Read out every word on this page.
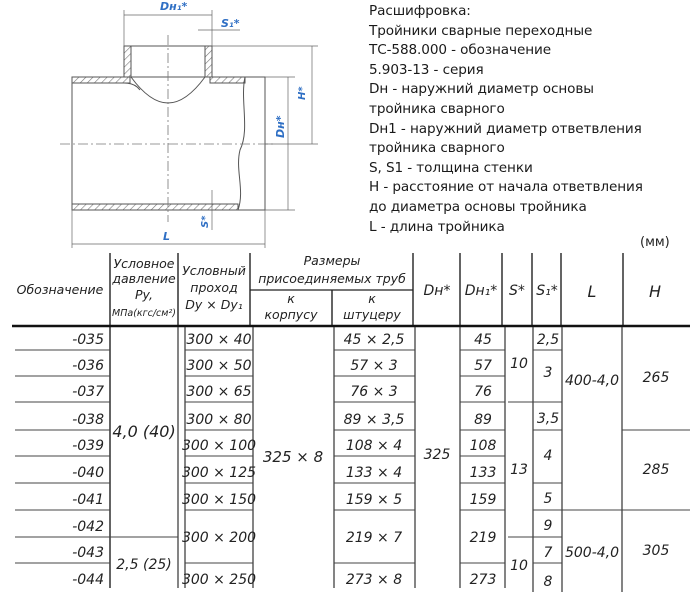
Dн₁*
S₁*
H*
Dн*
S*
L
Расшифровка:
Тройники сварные переходные
ТС-588.000 - обозначение
5.903-13 - серия
Dн - наружний диаметр основы
тройника сварного
Dн1 - наружний диаметр ответвления
тройника сварного
S, S1 - толщина стенки
H - расстояние от начала ответвления
до диаметра основы тройника
L - длина тройника
(мм)
Обозначение
Условное
давление
Py,
МПа(кгс/см²)
Условный
проход
Dy × Dy₁
Размеры
присоединяемых труб
к
корпусу
к
штуцеру
Dн* Dн₁* S* S₁* L	H
-035
-036
-037
-038
-039
-040
-041
-042
-043
-044
4,0 (40)
2,5 (25)
300 × 40
300 × 50
300 × 65
300 × 80
300 × 100
300 × 125
300 × 150
300 × 200
300 × 250
325 × 8
45 × 2,5
57 × 3
76 × 3
89 × 3,5
108 × 4
133 × 4
159 × 5
219 × 7
273 × 8
325
45
57
76
89
108
133
159
219
273
10
13
10
2,5
3
3,5
4
5
9
7
8
400-4,0
500-4,0
265
285
305
